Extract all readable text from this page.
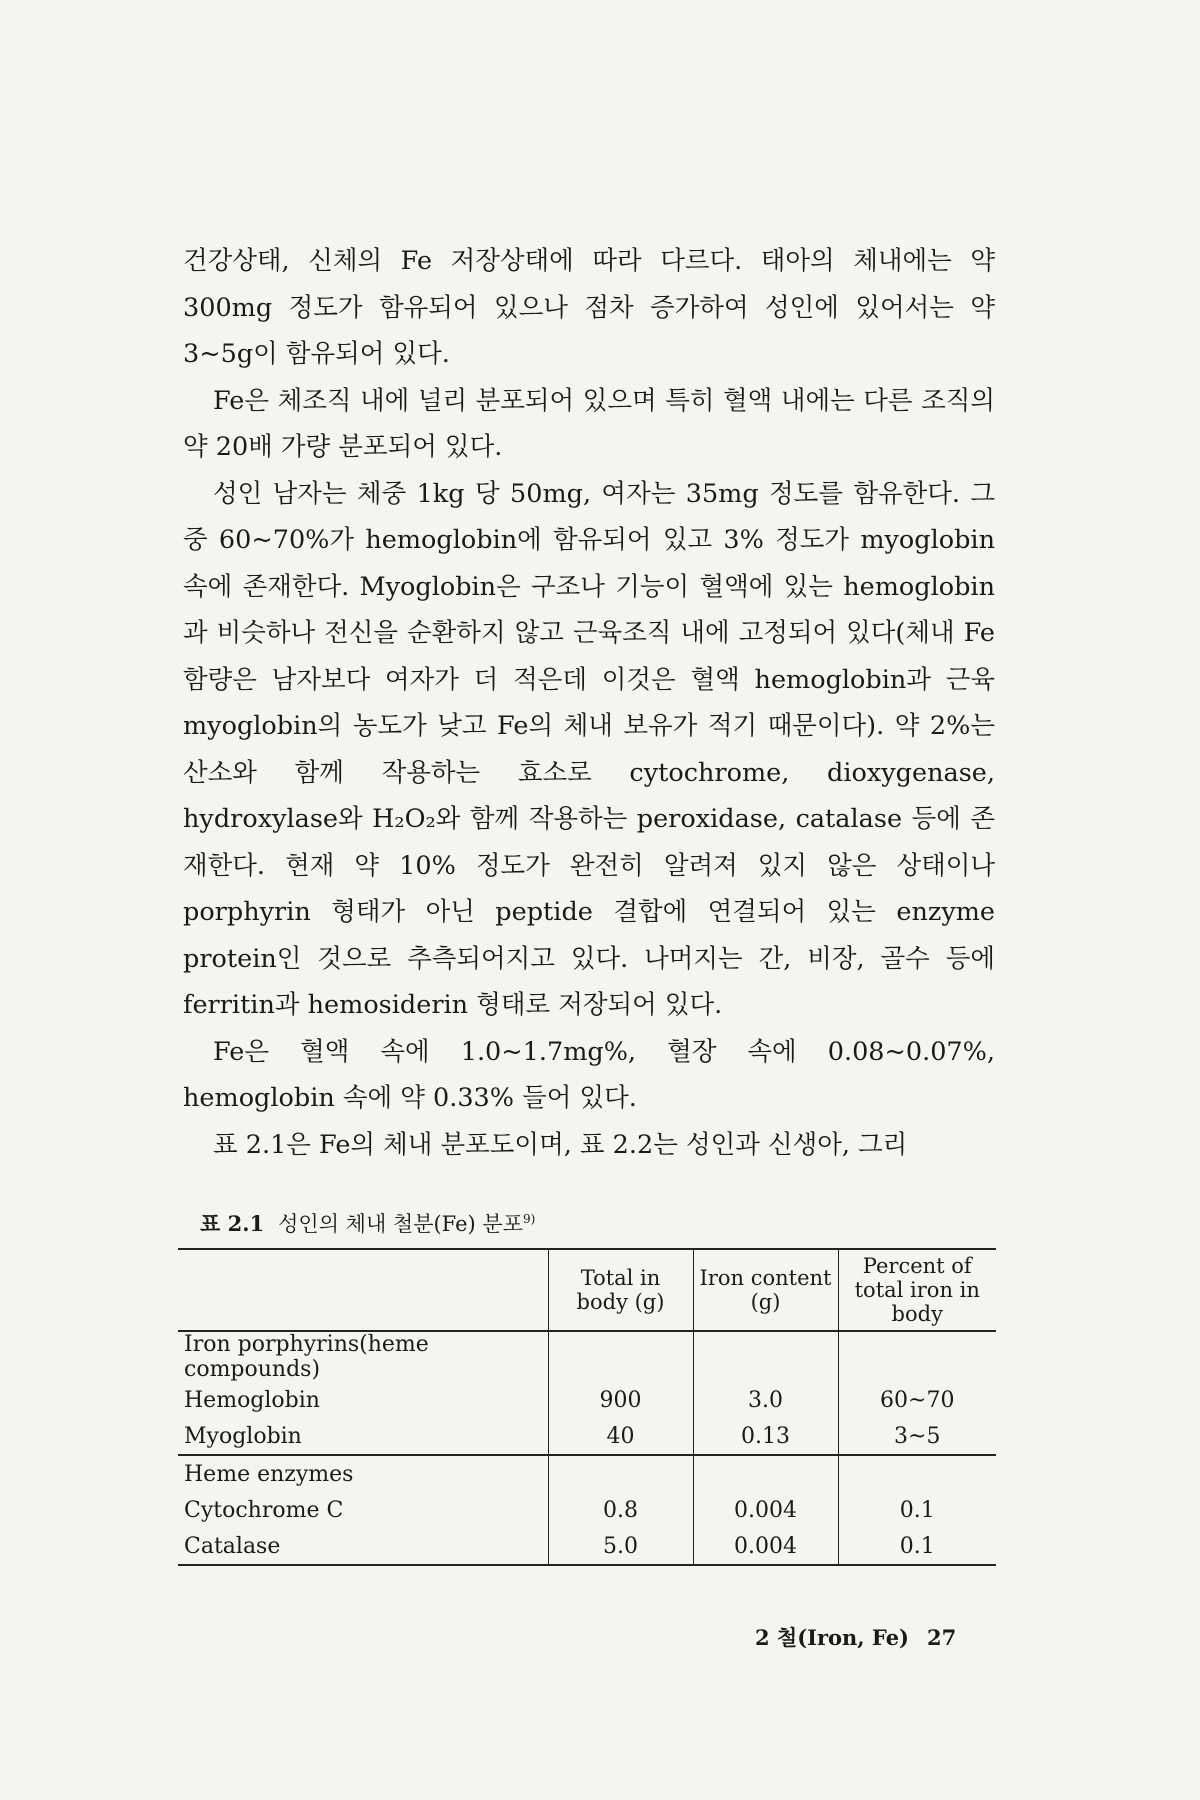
건강상태, 신체의 Fe 저장상태에 따라 다르다. 태아의 체내에는 약 300mg 정도가 함유되어 있으나 점차 증가하여 성인에 있어서는 약 3~5g이 함유되어 있다.

Fe은 체조직 내에 널리 분포되어 있으며 특히 혈액 내에는 다른 조직의 약 20배 가량 분포되어 있다.

성인 남자는 체중 1kg 당 50mg, 여자는 35mg 정도를 함유한다. 그 중 60~70%가 hemoglobin에 함유되어 있고 3% 정도가 myoglobin 속에 존재한다. Myoglobin은 구조나 기능이 혈액에 있는 hemoglobin과 비슷하나 전신을 순환하지 않고 근육조직 내에 고정되어 있다(체내 Fe 함량은 남자보다 여자가 더 적은데 이것은 혈액 hemoglobin과 근육 myoglobin의 농도가 낮고 Fe의 체내 보유가 적기 때문이다). 약 2%는 산소와 함께 작용하는 효소로 cytochrome, dioxygenase, hydroxylase와 H₂O₂와 함께 작용하는 peroxidase, catalase 등에 존재한다. 현재 약 10% 정도가 완전히 알려져 있지 않은 상태이나 porphyrin 형태가 아닌 peptide 결합에 연결되어 있는 enzyme protein인 것으로 추측되어지고 있다. 나머지는 간, 비장, 골수 등에 ferritin과 hemosiderin 형태로 저장되어 있다.

Fe은 혈액 속에 1.0~1.7mg%, 혈장 속에 0.08~0.07%, hemoglobin 속에 약 0.33% 들어 있다.

표 2.1은 Fe의 체내 분포도이며, 표 2.2는 성인과 신생아, 그리

표 2.1 성인의 체내 철분(Fe) 분포$^{9)}$
	Total in body (g)	Iron content (g)	Percent of total iron in body
Iron porphyrins(heme compounds)			
Hemoglobin	900	3.0	60~70
Myoglobin	40	0.13	3~5
Heme enzymes			
Cytochrome C	0.8	0.004	0.1
Catalase	5.0	0.004	0.1
2 철(Iron, Fe) 27
